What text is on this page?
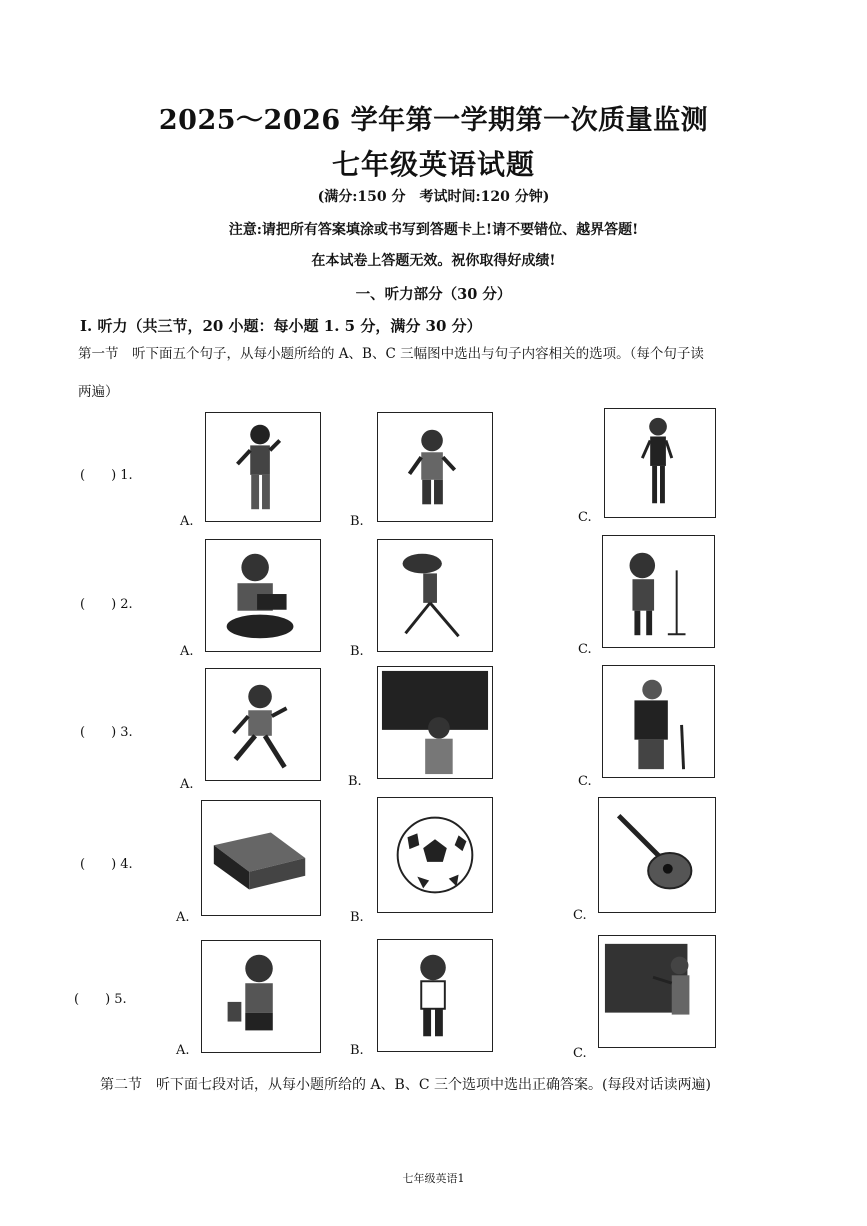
2025～2026 学年第一学期第一次质量监测
七年级英语试题
(满分:150 分　考试时间:120 分钟)
注意:请把所有答案填涂或书写到答题卡上!请不要错位、越界答题!
在本试卷上答题无效。祝你取得好成绩!
一、听力部分（30 分）
Ⅰ. 听力（共三节，20 小题：每小题 1. 5 分，满分 30 分）
第一节　听下面五个句子，从每小题所给的 A、B、C 三幅图中选出与句子内容相关的选项。（每个句子读
两遍）
(　　) 1.
A.	B.	C.
(　　) 2.
A.	B.	C.
(　　) 3.
A.	B.	C.
(　　) 4.
A.	B.	C.
(　　) 5.
A.	B.	C.
第二节　听下面七段对话，从每小题所给的 A、B、C 三个选项中选出正确答案。(每段对话读两遍)
七年级英语1
